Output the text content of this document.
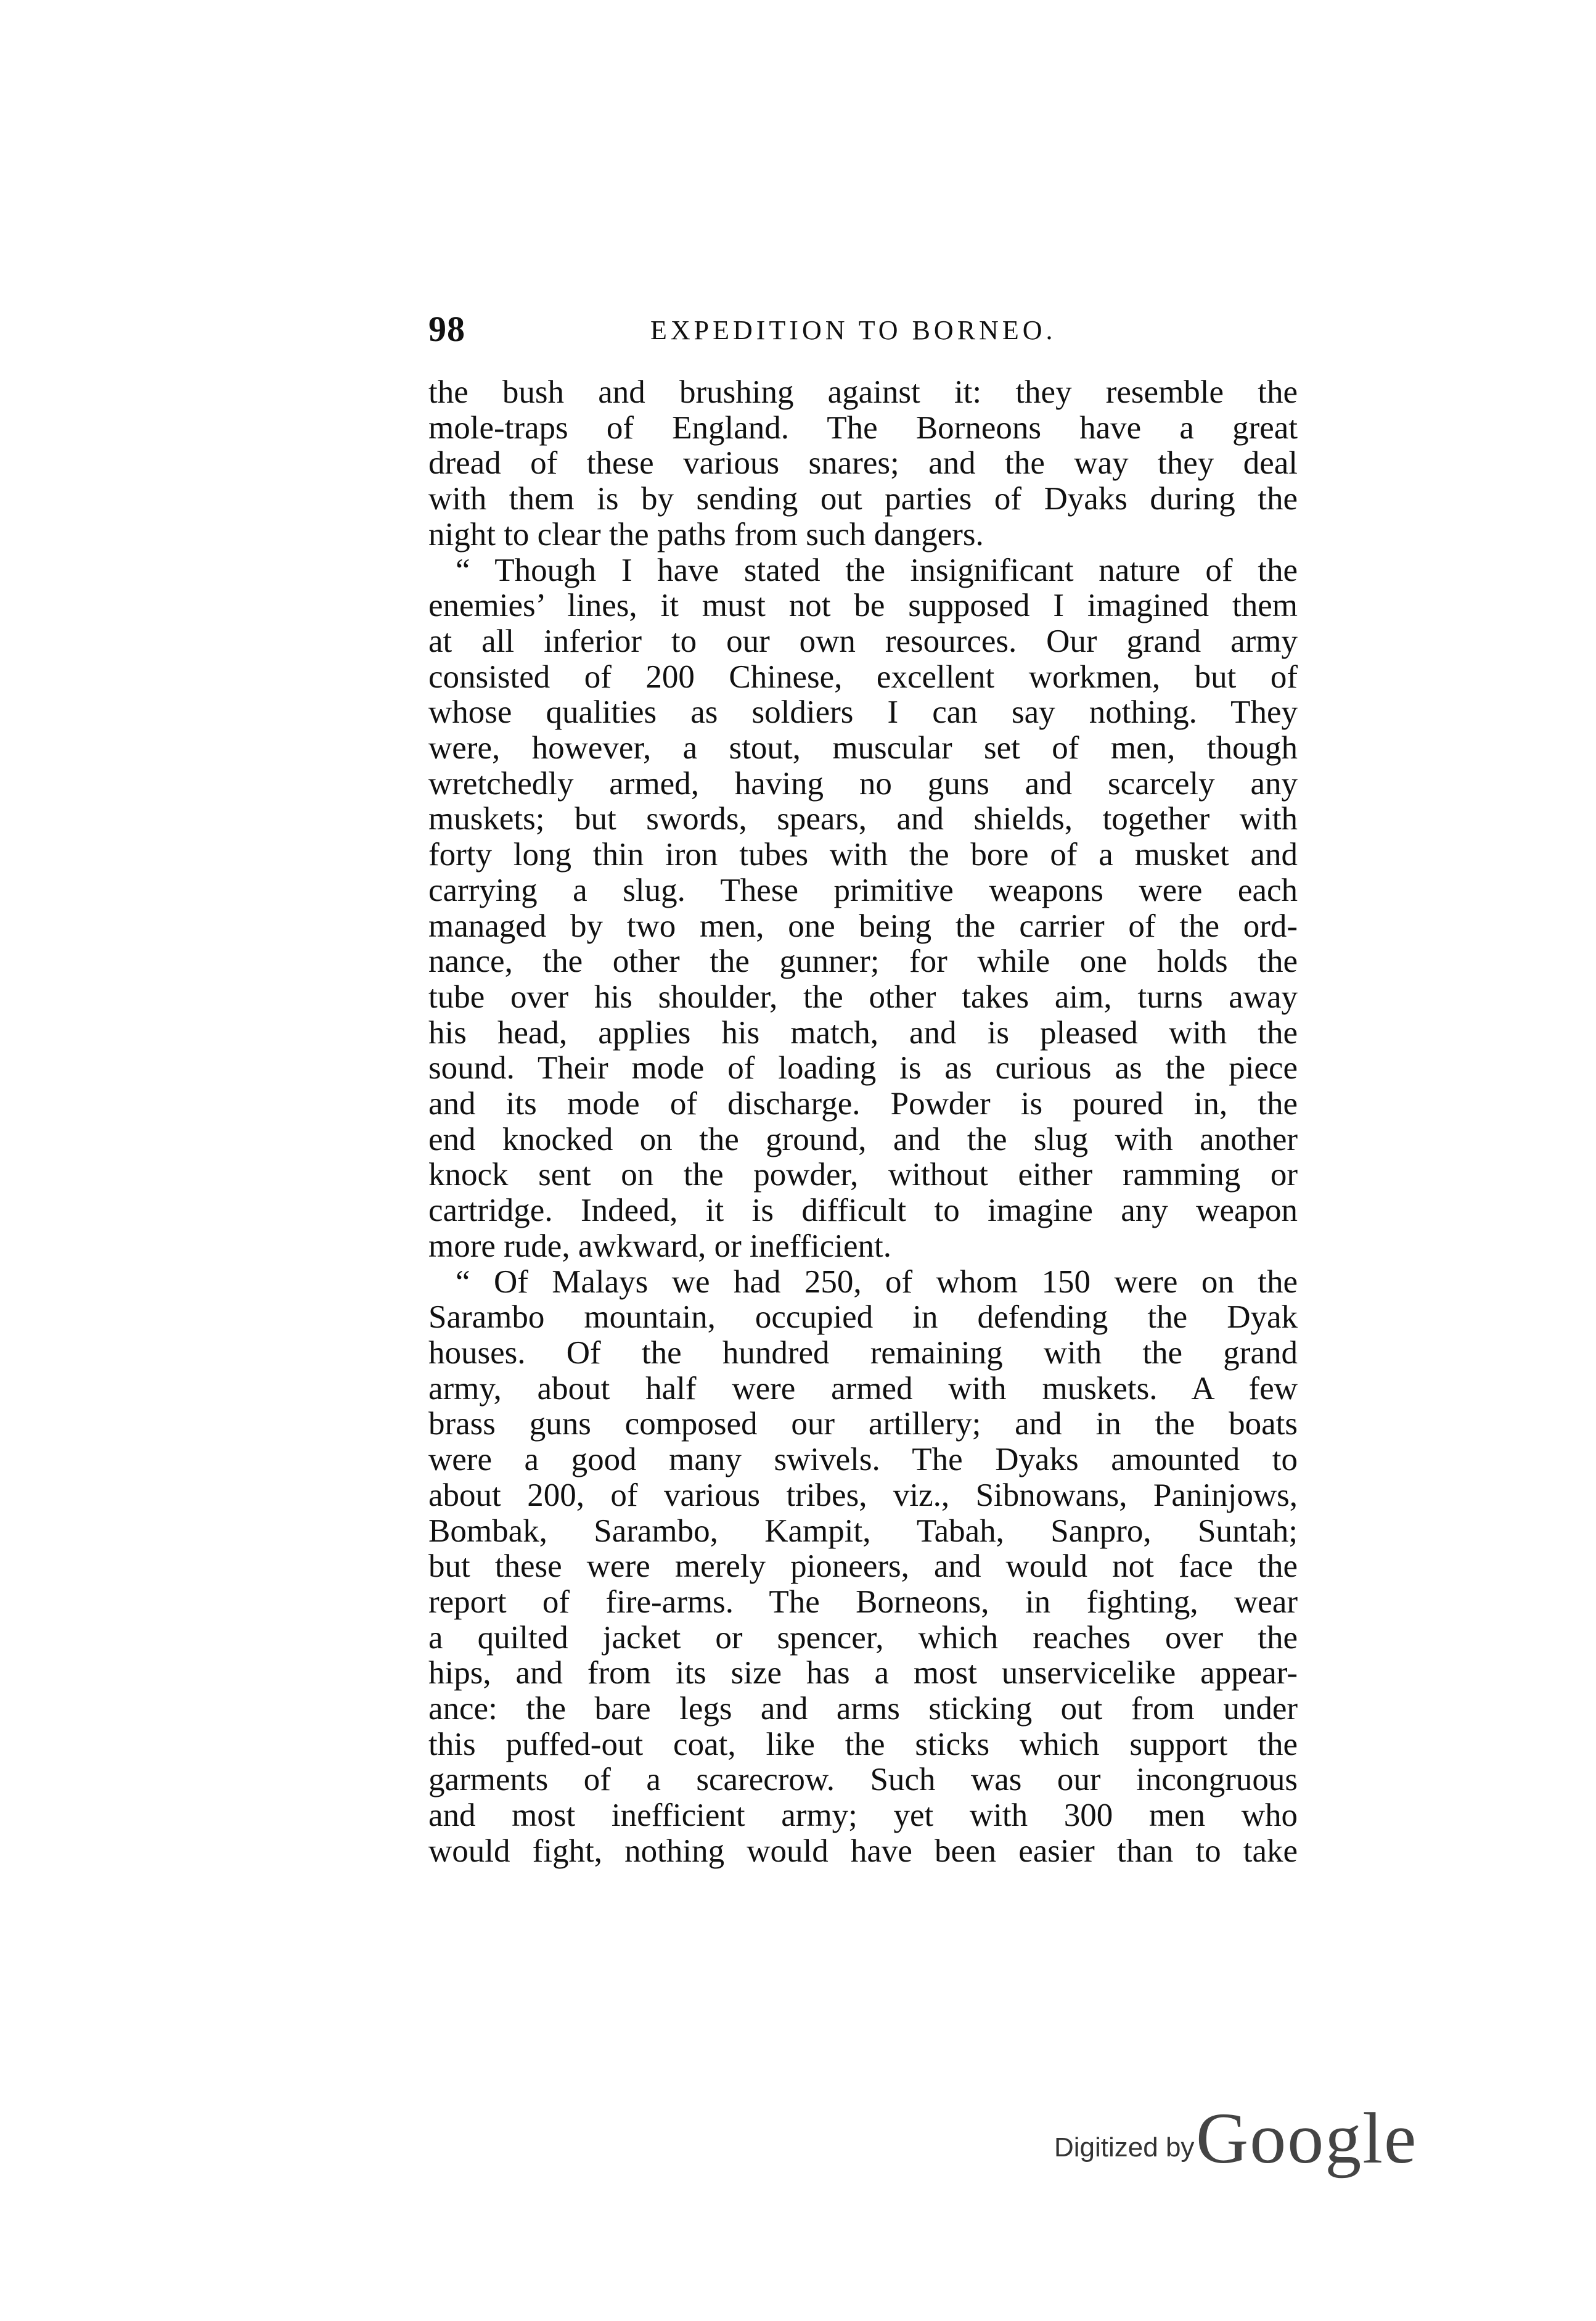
98	EXPEDITION TO BORNEO.
the bush and brushing against it: they resemble the
mole-traps of England. The Borneons have a great
dread of these various snares; and the way they deal
with them is by sending out parties of Dyaks during the
night to clear the paths from such dangers.
“ Though I have stated the insignificant nature of the
enemies’ lines, it must not be supposed I imagined them
at all inferior to our own resources. Our grand army
consisted of 200 Chinese, excellent workmen, but of
whose qualities as soldiers I can say nothing. They
were, however, a stout, muscular set of men, though
wretchedly armed, having no guns and scarcely any
muskets; but swords, spears, and shields, together with
forty long thin iron tubes with the bore of a musket and
carrying a slug. These primitive weapons were each
managed by two men, one being the carrier of the ord-
nance, the other the gunner; for while one holds the
tube over his shoulder, the other takes aim, turns away
his head, applies his match, and is pleased with the
sound. Their mode of loading is as curious as the piece
and its mode of discharge. Powder is poured in, the
end knocked on the ground, and the slug with another
knock sent on the powder, without either ramming or
cartridge. Indeed, it is difficult to imagine any weapon
more rude, awkward, or inefficient.
“ Of Malays we had 250, of whom 150 were on the
Sarambo mountain, occupied in defending the Dyak
houses. Of the hundred remaining with the grand
army, about half were armed with muskets. A few
brass guns composed our artillery; and in the boats
were a good many swivels. The Dyaks amounted to
about 200, of various tribes, viz., Sibnowans, Paninjows,
Bombak, Sarambo, Kampit, Tabah, Sanpro, Suntah;
but these were merely pioneers, and would not face the
report of fire-arms. The Borneons, in fighting, wear
a quilted jacket or spencer, which reaches over the
hips, and from its size has a most unservicelike appear-
ance: the bare legs and arms sticking out from under
this puffed-out coat, like the sticks which support the
garments of a scarecrow. Such was our incongruous
and most inefficient army; yet with 300 men who
would fight, nothing would have been easier than to take
Digitized by Google
